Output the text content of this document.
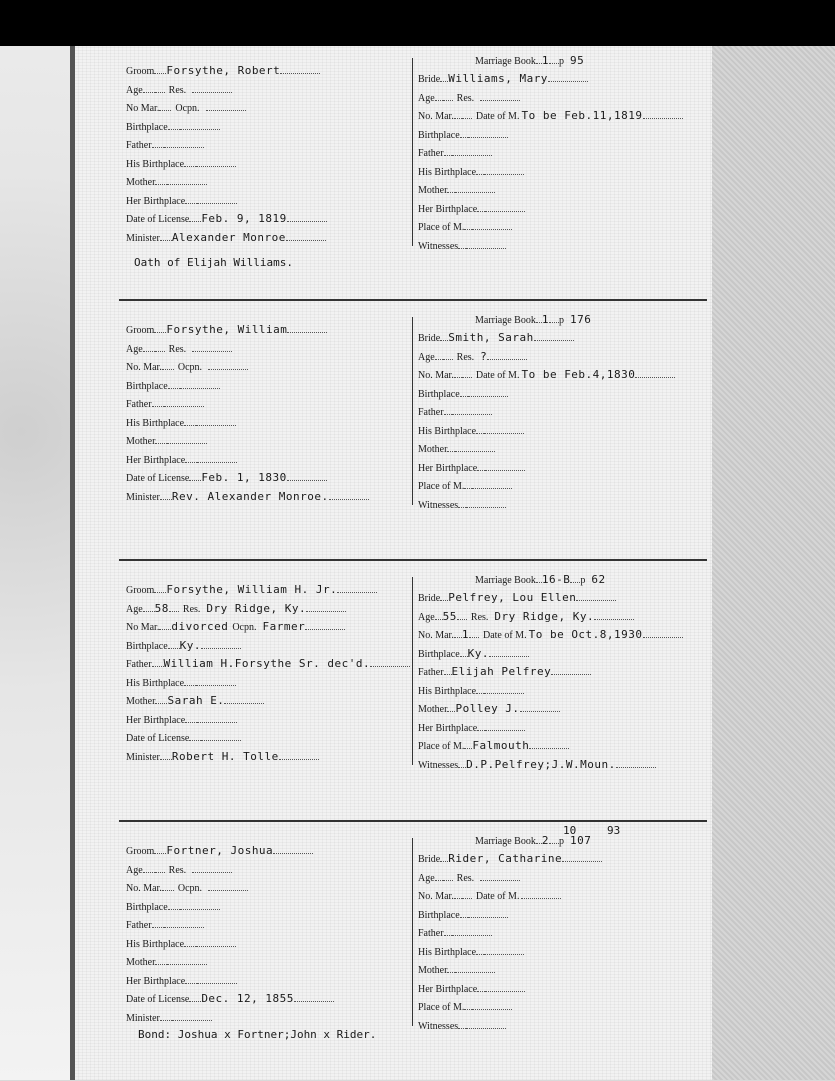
Groom Forsythe, Robert
Age	Res.
No Mar. Ocpn.
Birthplace
Father
His Birthplace
Mother
Her Birthplace
Date of License Feb. 9, 1819
Minister Alexander Monroe
Marriage Book 1 p 95
Bride Williams, Mary
Age Res.
No. Mar. Date of M. To be Feb.11,1819
Birthplace
Father
His Birthplace
Mother
Her Birthplace
Place of M.
Witnesses
Oath of Elijah Williams.
Groom Forsythe, William
Age	Res.
No. Mar. Ocpn.
Birthplace
Father
His Birthplace
Mother
Her Birthplace
Date of License Feb. 1, 1830
Minister Rev. Alexander Monroe.
Marriage Book 1 p 176
Bride Smith, Sarah
Age Res. ?
No. Mar. Date of M. To be Feb.4,1830
Birthplace
Father
His Birthplace
Mother
Her Birthplace
Place of M.
Witnesses
Groom Forsythe, William H. Jr.
Age 58 Res. Dry Ridge, Ky.
No Mar. divorced Ocpn. Farmer
Birthplace Ky.
Father William H.Forsythe Sr. dec'd.
His Birthplace
Mother Sarah E.
Her Birthplace
Date of License
Minister Robert H. Tolle
Marriage Book 16-B p 62
Bride Pelfrey, Lou Ellen
Age 55 Res. Dry Ridge, Ky.
No. Mar. 1 Date of M. To be Oct.8,1930
Birthplace Ky.
Father Elijah Pelfrey
His Birthplace
Mother Polley J.
Her Birthplace
Place of M. Falmouth
Witnesses D.P.Pelfrey;J.W.Moun.
Groom Fortner, Joshua
Age	Res.
No. Mar. Ocpn.
Birthplace
Father
His Birthplace
Mother
Her Birthplace
Date of License Dec. 12, 1855
Minister
Marriage Book 2 p 107
10	93
Bride Rider, Catharine
Age Res.
No. Mar. Date of M.
Birthplace
Father
His Birthplace
Mother
Her Birthplace
Place of M.
Witnesses
Bond: Joshua x Fortner;John x Rider.
